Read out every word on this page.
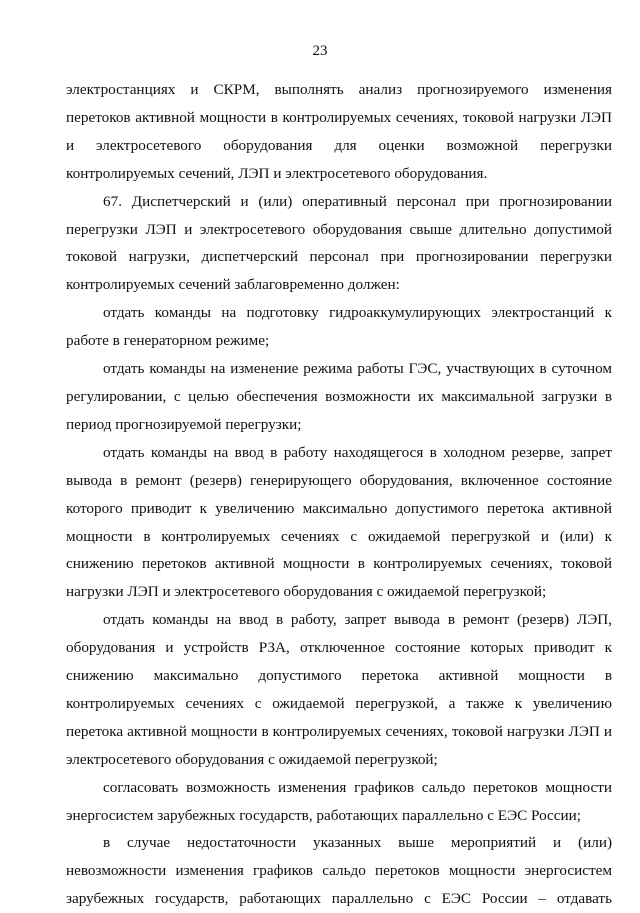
23

электростанциях и СКРМ, выполнять анализ прогнозируемого изменения перетоков активной мощности в контролируемых сечениях, токовой нагрузки ЛЭП и электросетевого оборудования для оценки возможной перегрузки контролируемых сечений, ЛЭП и электросетевого оборудования.

67. Диспетчерский и (или) оперативный персонал при прогнозировании перегрузки ЛЭП и электросетевого оборудования свыше длительно допустимой токовой нагрузки, диспетчерский персонал при прогнозировании перегрузки контролируемых сечений заблаговременно должен:

отдать команды на подготовку гидроаккумулирующих электростанций к работе в генераторном режиме;

отдать команды на изменение режима работы ГЭС, участвующих в суточном регулировании, с целью обеспечения возможности их максимальной загрузки в период прогнозируемой перегрузки;

отдать команды на ввод в работу находящегося в холодном резерве, запрет вывода в ремонт (резерв) генерирующего оборудования, включенное состояние которого приводит к увеличению максимально допустимого перетока активной мощности в контролируемых сечениях с ожидаемой перегрузкой и (или) к снижению перетоков активной мощности в контролируемых сечениях, токовой нагрузки ЛЭП и электросетевого оборудования с ожидаемой перегрузкой;

отдать команды на ввод в работу, запрет вывода в ремонт (резерв) ЛЭП, оборудования и устройств РЗА, отключенное состояние которых приводит к снижению максимально допустимого перетока активной мощности в контролируемых сечениях с ожидаемой перегрузкой, а также к увеличению перетока активной мощности в контролируемых сечениях, токовой нагрузки ЛЭП и электросетевого оборудования с ожидаемой перегрузкой;

согласовать возможность изменения графиков сальдо перетоков мощности энергосистем зарубежных государств, работающих параллельно с ЕЭС России;

в случае недостаточности указанных выше мероприятий и (или) невозможности изменения графиков сальдо перетоков мощности энергосистем зарубежных государств, работающих параллельно с ЕЭС России – отдавать
